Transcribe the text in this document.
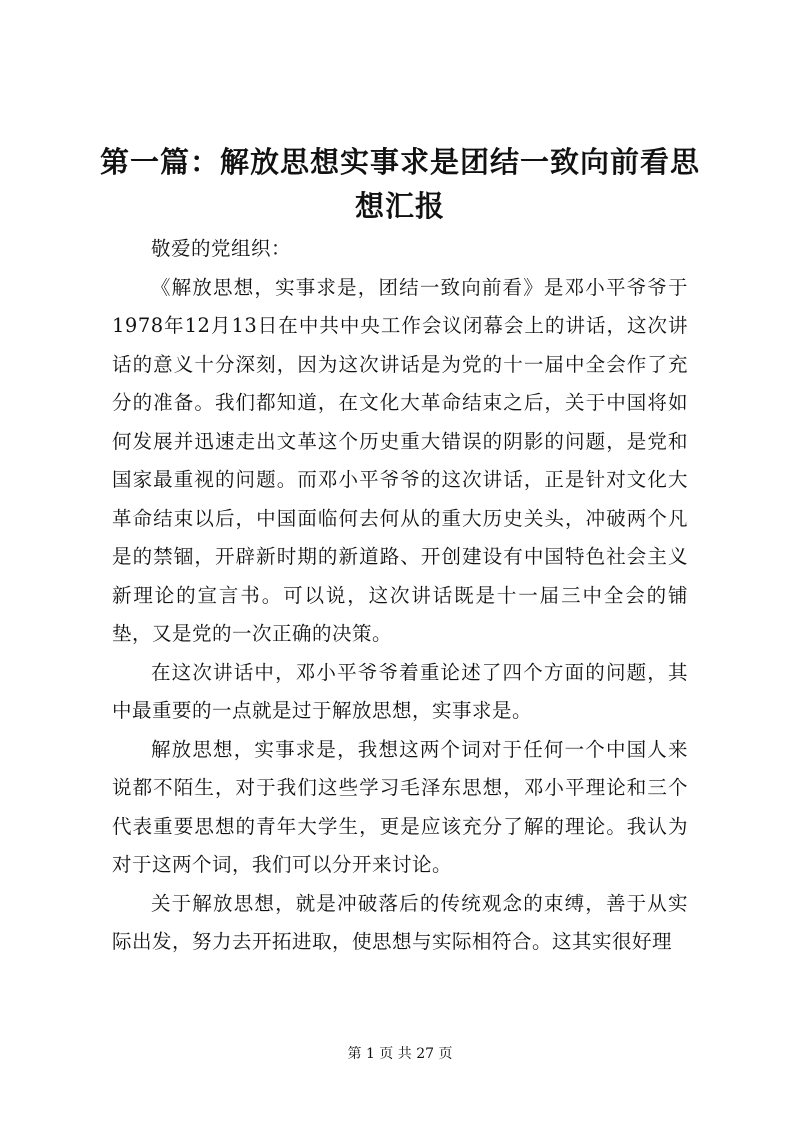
第一篇：解放思想实事求是团结一致向前看思想汇报

敬爱的党组织：

《解放思想，实事求是，团结一致向前看》是邓小平爷爷于1978年12月13日在中共中央工作会议闭幕会上的讲话，这次讲话的意义十分深刻，因为这次讲话是为党的十一届中全会作了充分的准备。我们都知道，在文化大革命结束之后，关于中国将如何发展并迅速走出文革这个历史重大错误的阴影的问题，是党和国家最重视的问题。而邓小平爷爷的这次讲话，正是针对文化大革命结束以后，中国面临何去何从的重大历史关头，冲破两个凡是的禁锢，开辟新时期的新道路、开创建设有中国特色社会主义新理论的宣言书。可以说，这次讲话既是十一届三中全会的铺垫，又是党的一次正确的决策。

在这次讲话中，邓小平爷爷着重论述了四个方面的问题，其中最重要的一点就是过于解放思想，实事求是。

解放思想，实事求是，我想这两个词对于任何一个中国人来说都不陌生，对于我们这些学习毛泽东思想，邓小平理论和三个代表重要思想的青年大学生，更是应该充分了解的理论。我认为对于这两个词，我们可以分开来讨论。

关于解放思想，就是冲破落后的传统观念的束缚，善于从实际出发，努力去开拓进取，使思想与实际相符合。这其实很好理

第 1 页 共 27 页
